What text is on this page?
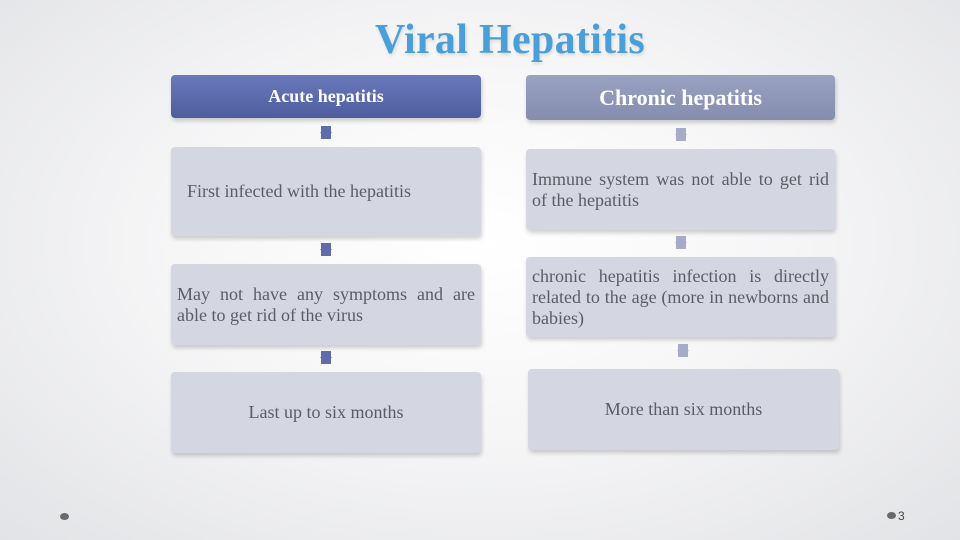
Viral Hepatitis
Acute hepatitis
First infected with the hepatitis
May not have any symptoms and are able to get rid of the virus
Last up to six months
Chronic hepatitis
Immune system was not able to get rid of the hepatitis
chronic hepatitis infection is directly related to the age (more in newborns and babies)
More than six months
3
